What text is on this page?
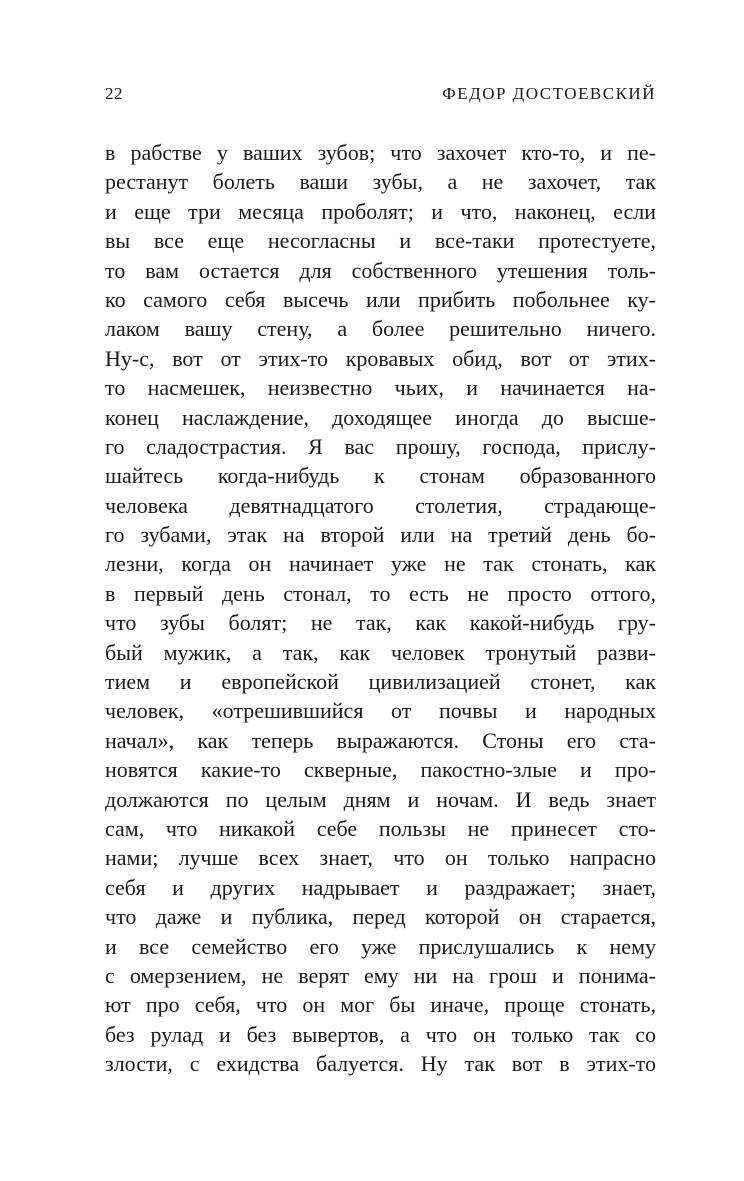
22	ФЕДОР ДОСТОЕВСКИЙ
в рабстве у ваших зубов; что захочет кто-то, и пе-
рестанут болеть ваши зубы, а не захочет, так
и еще три месяца проболят; и что, наконец, если
вы все еще несогласны и все-таки протестуете,
то вам остается для собственного утешения толь-
ко самого себя высечь или прибить побольнее ку-
лаком вашу стену, а более решительно ничего.
Ну-с, вот от этих-то кровавых обид, вот от этих-
то насмешек, неизвестно чьих, и начинается на-
конец наслаждение, доходящее иногда до высше-
го сладострастия. Я вас прошу, господа, прислу-
шайтесь когда-нибудь к стонам образованного
человека девятнадцатого столетия, страдающе-
го зубами, этак на второй или на третий день бо-
лезни, когда он начинает уже не так стонать, как
в первый день стонал, то есть не просто оттого,
что зубы болят; не так, как какой-нибудь гру-
бый мужик, а так, как человек тронутый разви-
тием и европейской цивилизацией стонет, как
человек, «отрешившийся от почвы и народных
начал», как теперь выражаются. Стоны его ста-
новятся какие-то скверные, пакостно-злые и про-
должаются по целым дням и ночам. И ведь знает
сам, что никакой себе пользы не принесет сто-
нами; лучше всех знает, что он только напрасно
себя и других надрывает и раздражает; знает,
что даже и публика, перед которой он старается,
и все семейство его уже прислушались к нему
с омерзением, не верят ему ни на грош и понима-
ют про себя, что он мог бы иначе, проще стонать,
без рулад и без вывертов, а что он только так со
злости, с ехидства балуется. Ну так вот в этих-то
